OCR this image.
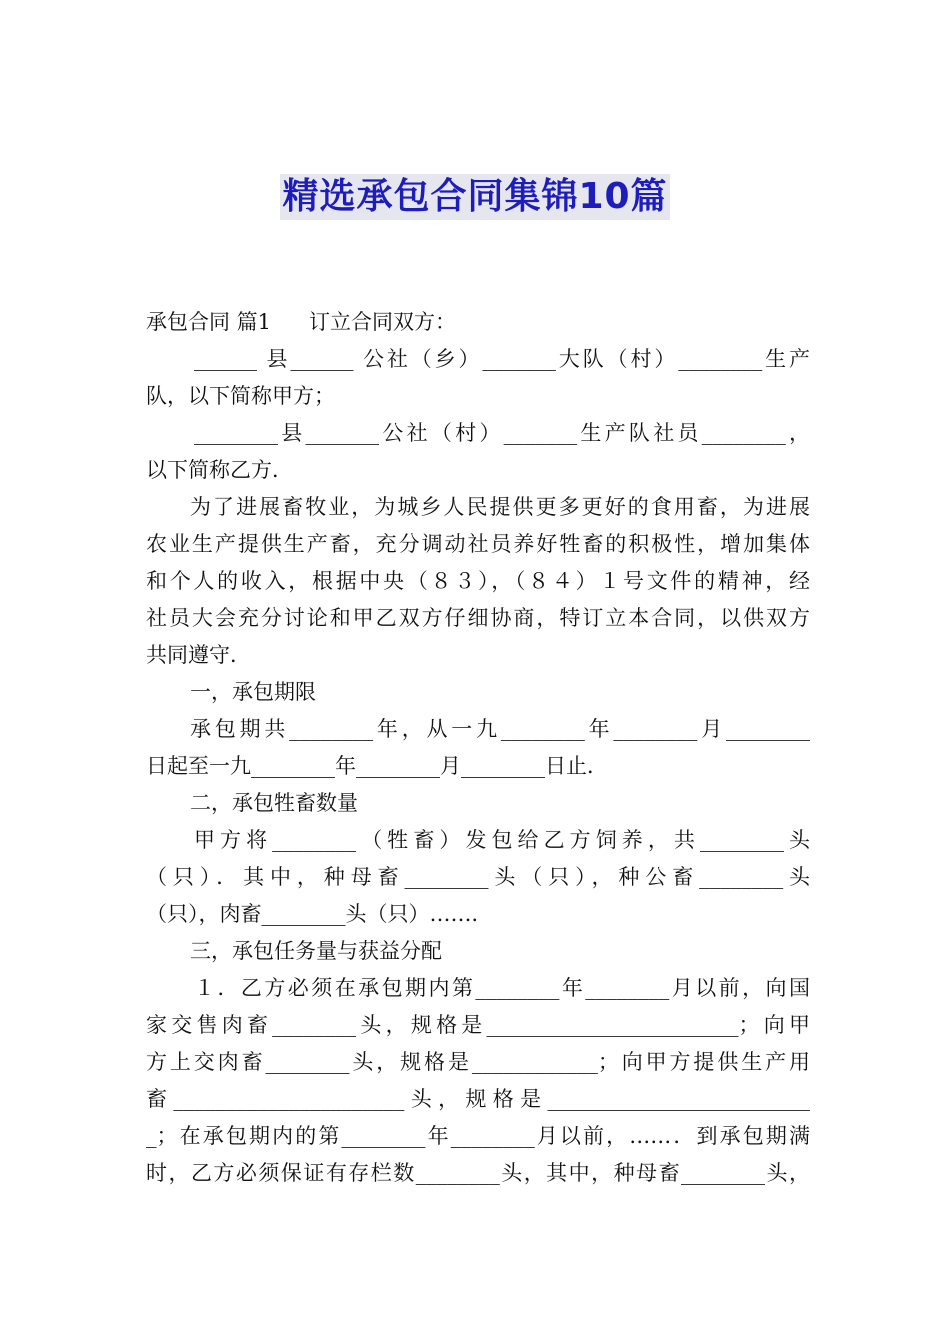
精选承包合同集锦10篇
承包合同 篇1 订立合同双方：
______ 县______ 公社（乡）_______大队（村）________生产
队，以下简称甲方；
________县_______公社（村）_______生产队社员________，
以下简称乙方．
为了进展畜牧业，为城乡人民提供更多更好的食用畜，为进展
农业生产提供生产畜，充分调动社员养好牲畜的积极性，增加集体
和个人的收入，根据中央（８３），（８４）１号文件的精神，经
社员大会充分讨论和甲乙双方仔细协商，特订立本合同，以供双方
共同遵守．
一，承包期限
承包期共________年，从一九________年________月________
日起至一九________年________月________日止．
二，承包牲畜数量
甲方将________（牲畜）发包给乙方饲养，共________头
（只）．其中，种母畜________头（只），种公畜________头
（只），肉畜________头（只）……．
三，承包任务量与获益分配
１．乙方必须在承包期内第________年________月以前，向国
家交售肉畜________头，规格是________________________；向甲
方上交肉畜________头，规格是____________；向甲方提供生产用
畜______________________头，规格是_________________________
_；在承包期内的第________年________月以前，……．到承包期满
时，乙方必须保证有存栏数________头，其中，种母畜________头，
